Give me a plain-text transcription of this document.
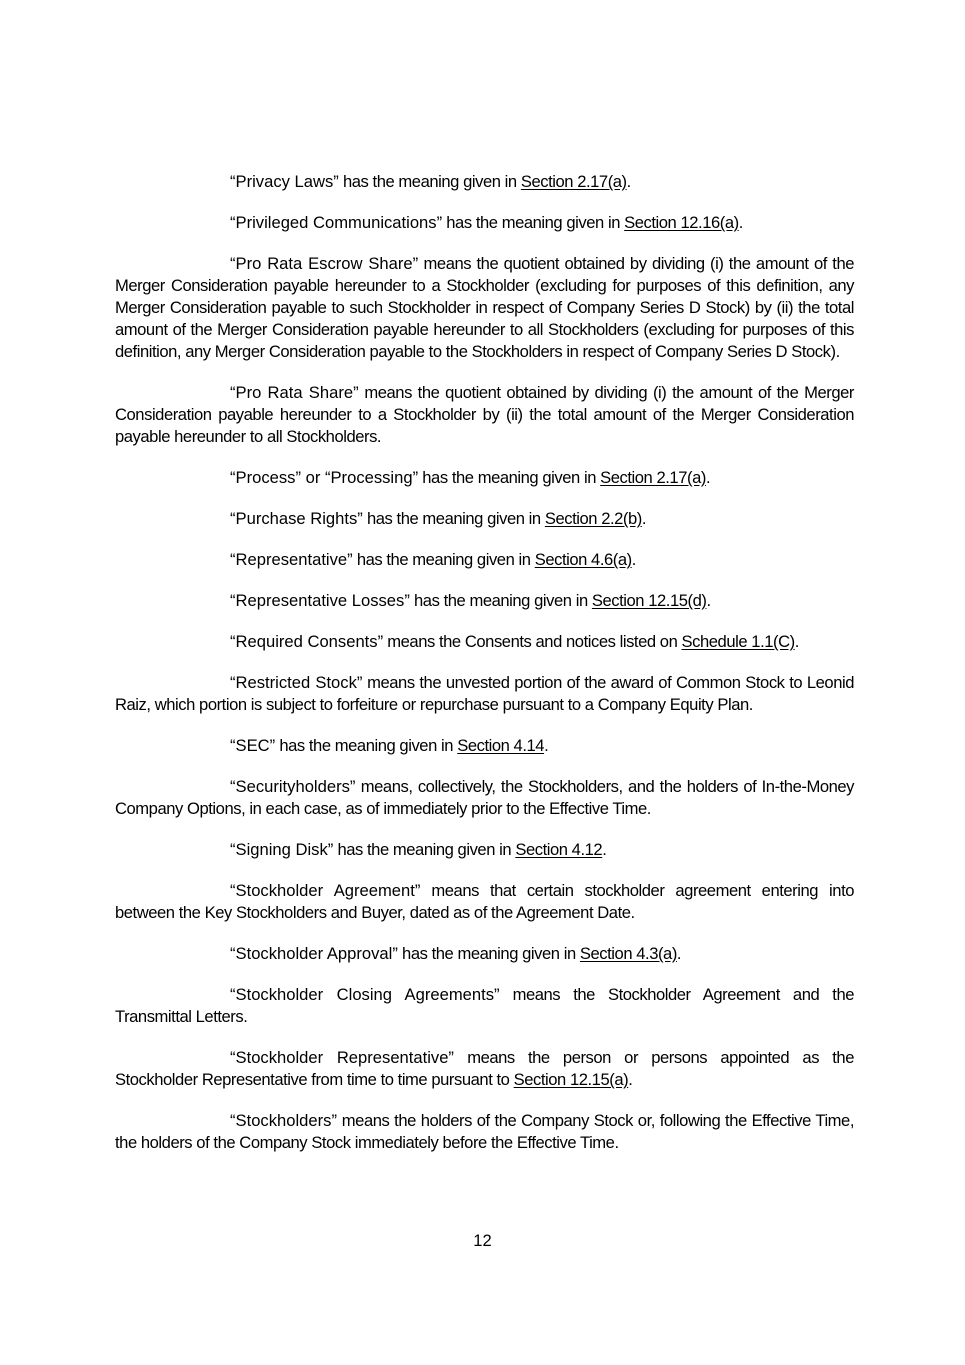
“Privacy Laws” has the meaning given in Section 2.17(a).

“Privileged Communications” has the meaning given in Section 12.16(a).

“Pro Rata Escrow Share” means the quotient obtained by dividing (i) the amount of the Merger Consideration payable hereunder to a Stockholder (excluding for purposes of this definition, any Merger Consideration payable to such Stockholder in respect of Company Series D Stock) by (ii) the total amount of the Merger Consideration payable hereunder to all Stockholders (excluding for purposes of this definition, any Merger Consideration payable to the Stockholders in respect of Company Series D Stock).

“Pro Rata Share” means the quotient obtained by dividing (i) the amount of the Merger Consideration payable hereunder to a Stockholder by (ii) the total amount of the Merger Consideration payable hereunder to all Stockholders.

“Process” or “Processing” has the meaning given in Section 2.17(a).

“Purchase Rights” has the meaning given in Section 2.2(b).

“Representative” has the meaning given in Section 4.6(a).

“Representative Losses” has the meaning given in Section 12.15(d).

“Required Consents” means the Consents and notices listed on Schedule 1.1(C).

“Restricted Stock” means the unvested portion of the award of Common Stock to Leonid Raiz, which portion is subject to forfeiture or repurchase pursuant to a Company Equity Plan.

“SEC” has the meaning given in Section 4.14.

“Securityholders” means, collectively, the Stockholders, and the holders of In-the-Money Company Options, in each case, as of immediately prior to the Effective Time.

“Signing Disk” has the meaning given in Section 4.12.

“Stockholder Agreement” means that certain stockholder agreement entering into between the Key Stockholders and Buyer, dated as of the Agreement Date.

“Stockholder Approval” has the meaning given in Section 4.3(a).

“Stockholder Closing Agreements” means the Stockholder Agreement and the Transmittal Letters.

“Stockholder Representative” means the person or persons appointed as the Stockholder Representative from time to time pursuant to Section 12.15(a).

“Stockholders” means the holders of the Company Stock or, following the Effective Time, the holders of the Company Stock immediately before the Effective Time.

12
